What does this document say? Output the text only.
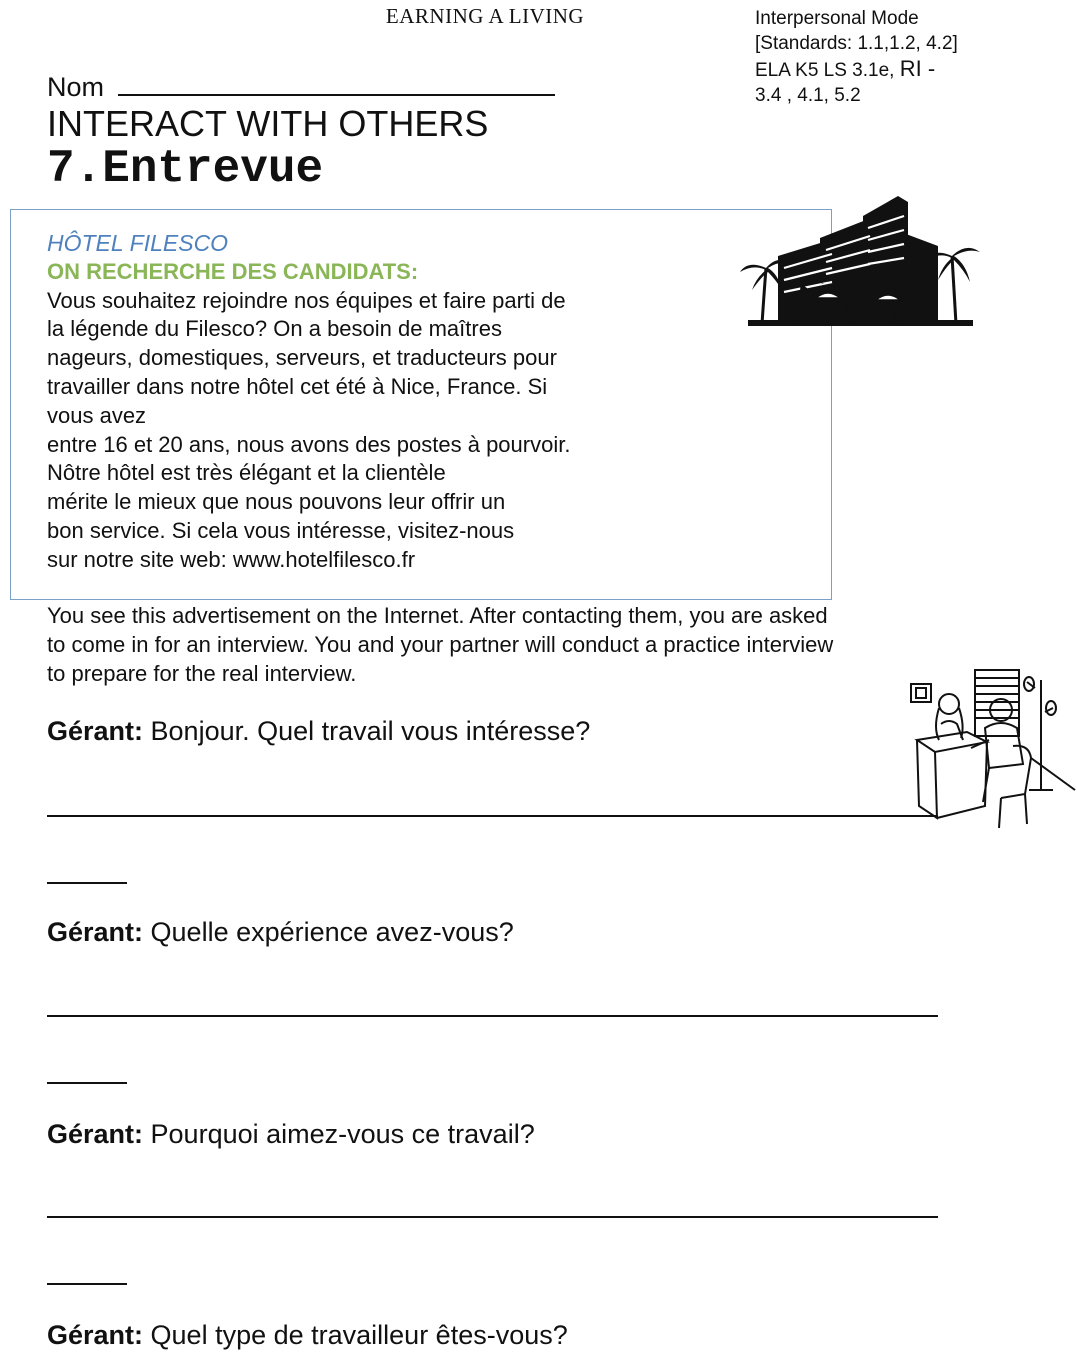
EARNING A LIVING	Interpersonal Mode
[Standards: 1.1,1.2, 4.2]
ELA K5 LS 3.1e, RI -
3.4 , 4.1, 5.2
Nom
INTERACT WITH OTHERS
7.Entrevue
HÔTEL FILESCO
ON RECHERCHE DES CANDIDATS:
Vous souhaitez rejoindre nos équipes et faire parti de
la légende du Filesco? On a besoin de maîtres
nageurs, domestiques, serveurs, et traducteurs pour
travailler dans notre hôtel cet été à Nice, France. Si
vous avez
entre 16 et 20 ans, nous avons des postes à pourvoir.
Nôtre hôtel est très élégant et la clientèle
mérite le mieux que nous pouvons leur offrir un
bon service. Si cela vous intéresse, visitez-nous
sur notre site web: www.hotelfilesco.fr
You see this advertisement on the Internet. After contacting them, you are asked
to come in for an interview. You and your partner will conduct a practice interview
to prepare for the real interview.
Gérant: Bonjour. Quel travail vous intéresse?
Gérant: Quelle expérience avez-vous?
Gérant: Pourquoi aimez-vous ce travail?
Gérant: Quel type de travailleur êtes-vous?
